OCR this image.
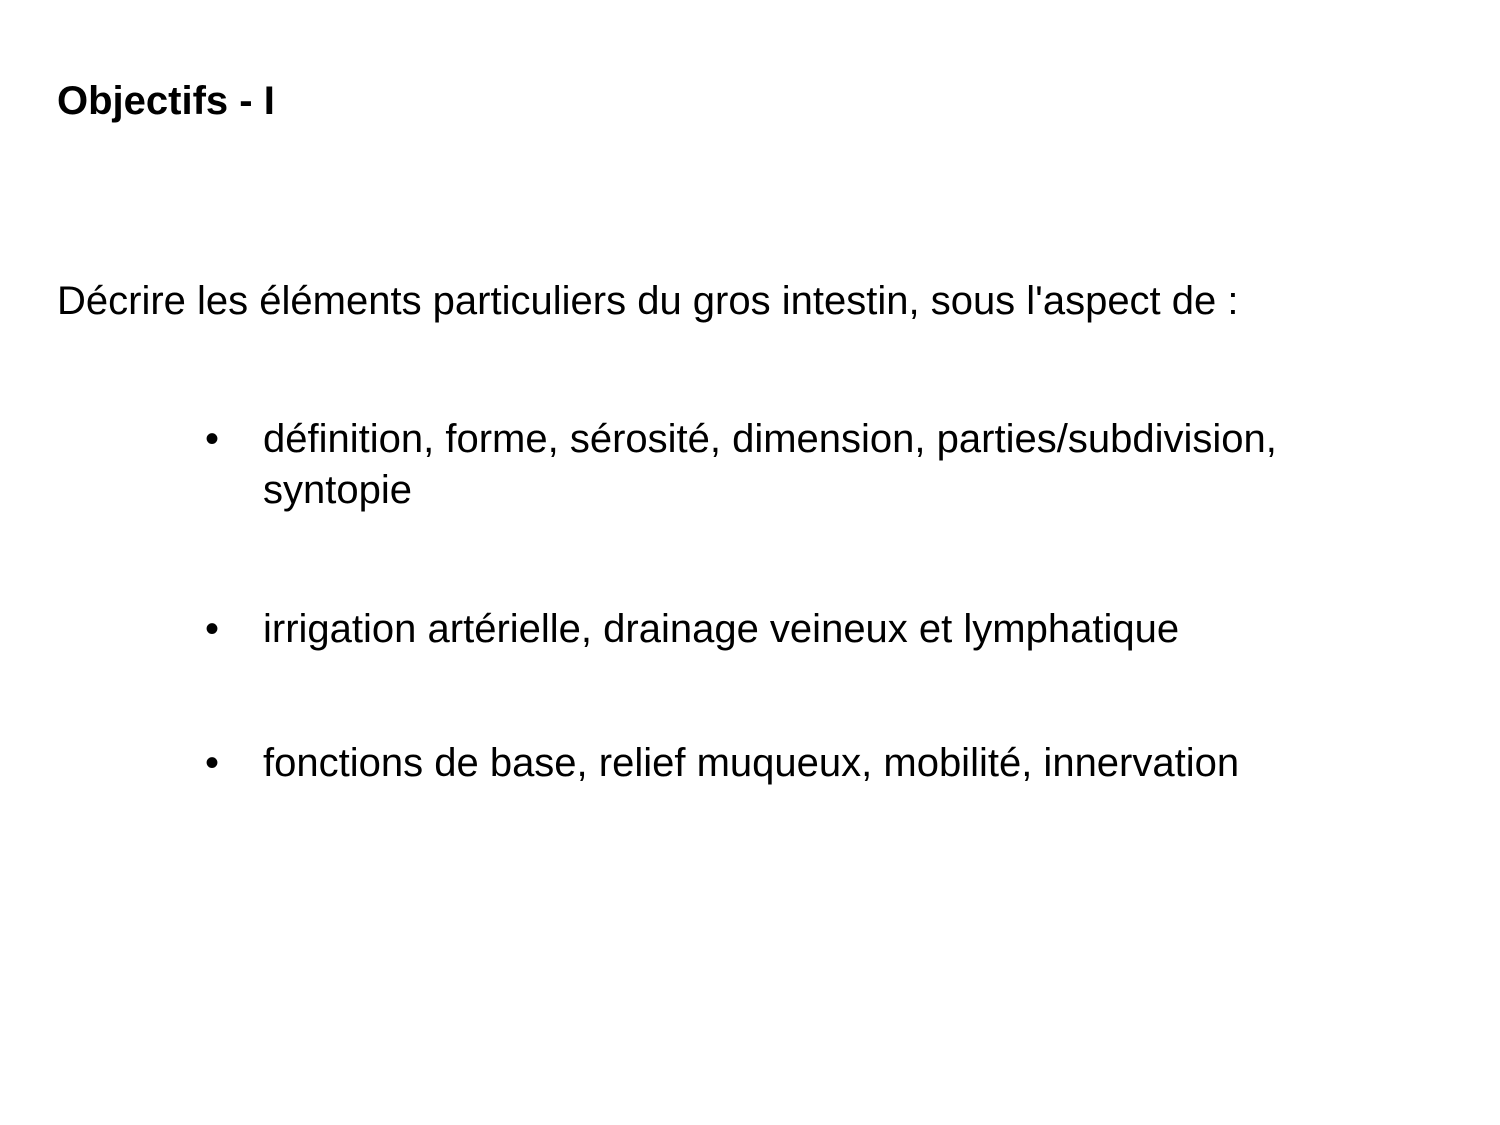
Objectifs - I

Décrire les éléments particuliers du gros intestin, sous l'aspect de :

•	définition, forme, sérosité, dimension, parties/subdivision,
syntopie
•	irrigation artérielle, drainage veineux et lymphatique
•	fonctions de base, relief muqueux, mobilité, innervation
